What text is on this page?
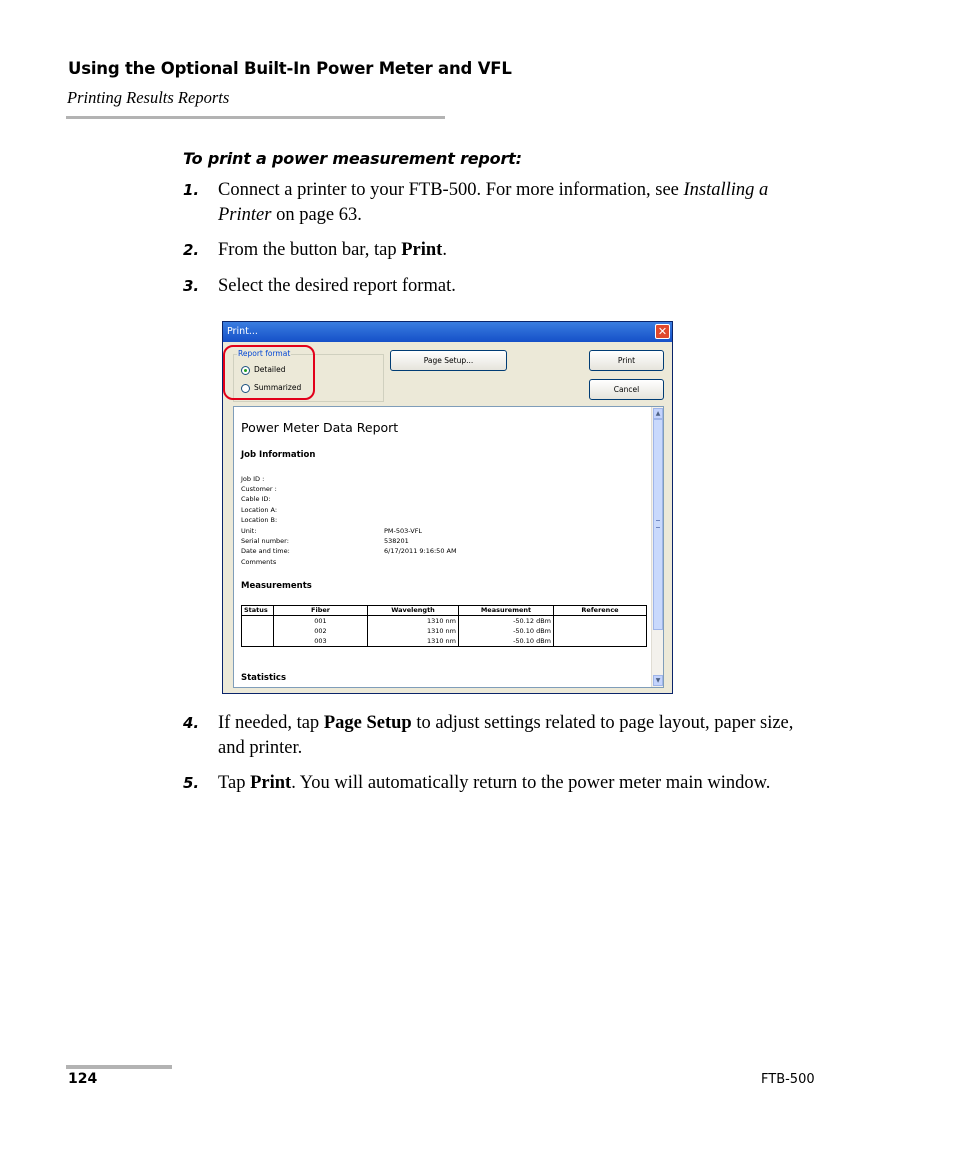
Using the Optional Built-In Power Meter and VFL
Printing Results Reports
To print a power measurement report:
1. Connect a printer to your FTB-500. For more information, see Installing a Printer on page 63.
2. From the button bar, tap Print.
3. Select the desired report format.
Print...	✕
Report format
Detailed
Summarized
Page Setup...	Print
Cancel
Power Meter Data Report
Job Information
Job ID :
Customer :
Cable ID:
Location A:
Location B:
Unit:	PM-503-VFL
Serial number:	538201
Date and time:	6/17/2011 9:16:50 AM
Comments
Measurements
Status	Fiber	Wavelength	Measurement	Reference
	001	1310 nm	-50.12 dBm	
	002	1310 nm	-50.10 dBm	
	003	1310 nm	-50.10 dBm	
Statistics
▲
▼
4. If needed, tap Page Setup to adjust settings related to page layout, paper size, and printer.
5. Tap Print. You will automatically return to the power meter main window.
124	FTB-500
